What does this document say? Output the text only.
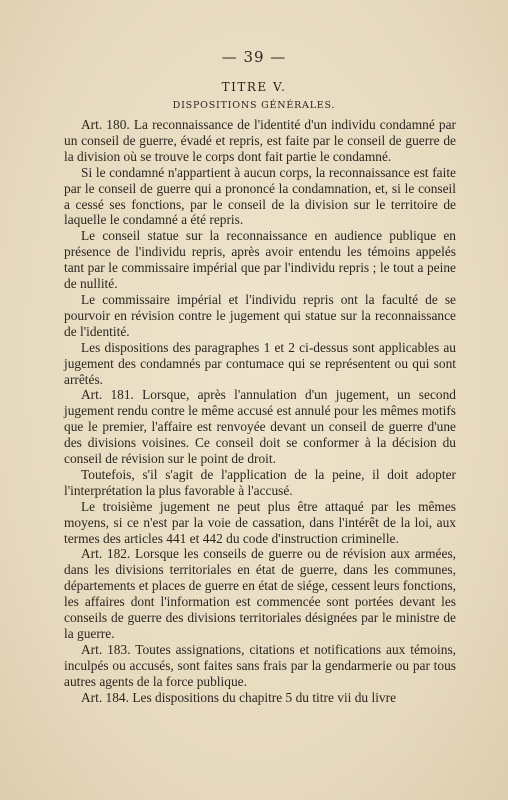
— 39 —
TITRE V.
DISPOSITIONS GÉNÉRALES.

Art. 180. La reconnaissance de l'identité d'un individu condamné par un conseil de guerre, évadé et repris, est faite par le conseil de guerre de la division où se trouve le corps dont fait partie le condamné.

Si le condamné n'appartient à aucun corps, la reconnaissance est faite par le conseil de guerre qui a prononcé la condamnation, et, si le conseil a cessé ses fonctions, par le conseil de la division sur le territoire de laquelle le condamné a été repris.

Le conseil statue sur la reconnaissance en audience publique en présence de l'individu repris, après avoir entendu les témoins appelés tant par le commissaire impérial que par l'individu repris ; le tout a peine de nullité.

Le commissaire impérial et l'individu repris ont la faculté de se pourvoir en révision contre le jugement qui statue sur la reconnaissance de l'identité.

Les dispositions des paragraphes 1 et 2 ci-dessus sont applicables au jugement des condamnés par contumace qui se représentent ou qui sont arrêtés.

Art. 181. Lorsque, après l'annulation d'un jugement, un second jugement rendu contre le même accusé est annulé pour les mêmes motifs que le premier, l'affaire est renvoyée devant un conseil de guerre d'une des divisions voisines. Ce conseil doit se conformer à la décision du conseil de révision sur le point de droit.

Toutefois, s'il s'agit de l'application de la peine, il doit adopter l'interprétation la plus favorable à l'accusé.

Le troisième jugement ne peut plus être attaqué par les mêmes moyens, si ce n'est par la voie de cassation, dans l'intérêt de la loi, aux termes des articles 441 et 442 du code d'instruction criminelle.

Art. 182. Lorsque les conseils de guerre ou de révision aux armées, dans les divisions territoriales en état de guerre, dans les communes, départements et places de guerre en état de siége, cessent leurs fonctions, les affaires dont l'information est commencée sont portées devant les conseils de guerre des divisions territoriales désignées par le ministre de la guerre.

Art. 183. Toutes assignations, citations et notifications aux témoins, inculpés ou accusés, sont faites sans frais par la gendarmerie ou par tous autres agents de la force publique.

Art. 184. Les dispositions du chapitre 5 du titre vii du livre
